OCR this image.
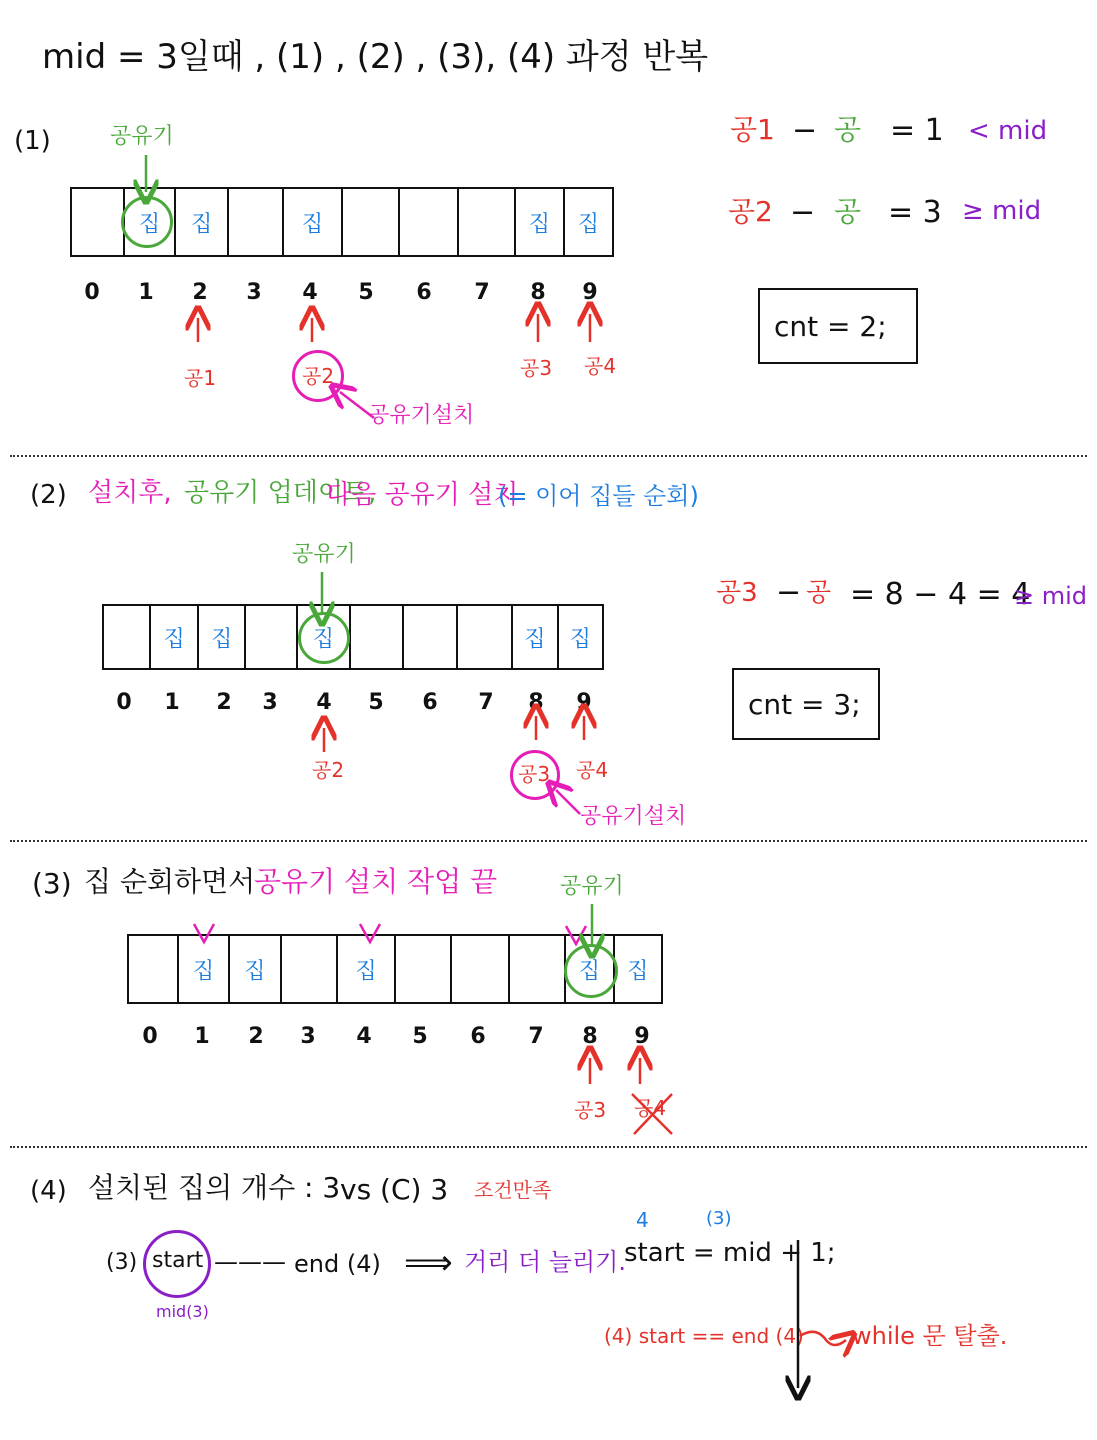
mid = 3일때 , (1) , (2) , (3), (4) 과정 반복
(1)	공유기
집	집	집	집	집
0 1 2 3 4 5 6 7 8 9
공1	공2	공3 공4
공유기설치
공1 − 공 = 1 < mid
공2 − 공 = 3 ≥ mid
cnt = 2;
(2) 설치후, 공유기 업데이트,
다음 공유기 설치
(= 이어 집들 순회)
공유기
집	집	집	집	집
0 1 2 3 4 5 6 7 8 9
공2	공3 공4
공유기설치
공3 − 공 = 8 − 4 = 4
≥ mid
cnt = 3;
(3) 집 순회하면서
공유기 설치 작업 끝	공유기
집	집	집	집	집
0 1 2 3 4 5 6 7 8 9
공3 공4
(4) 설치된 집의 개수 : 3 vs (C) 3 조건만족
(3) start
mid(3)
——— end (4) ⟹ 거리 더 늘리기.
4	(3)
start = mid + 1;
(4) start == end (4) while 문 탈출.
